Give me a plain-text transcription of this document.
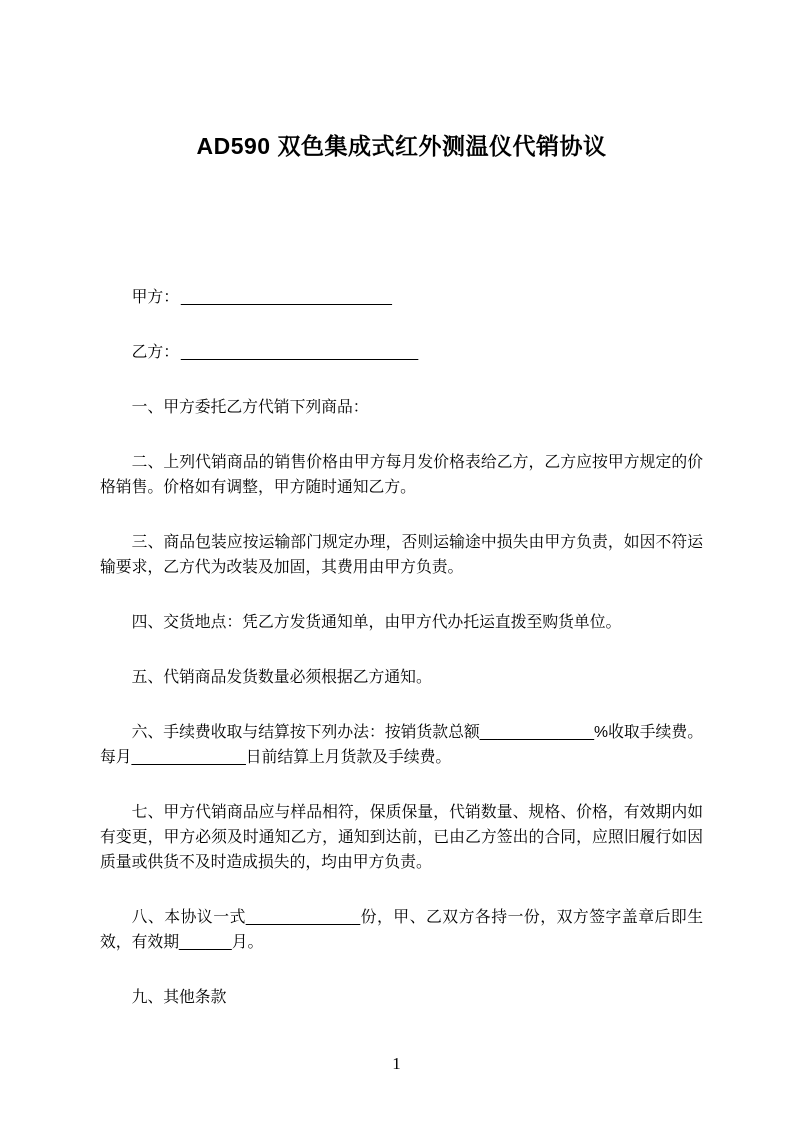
AD590 双色集成式红外测温仪代销协议

甲方： ________________________

乙方： ___________________________

一、甲方委托乙方代销下列商品：

二、上列代销商品的销售价格由甲方每月发价格表给乙方，乙方应按甲方规定的价格销售。价格如有调整，甲方随时通知乙方。

三、商品包装应按运输部门规定办理，否则运输途中损失由甲方负责，如因不符运输要求，乙方代为改装及加固，其费用由甲方负责。

四、交货地点：凭乙方发货通知单，由甲方代办托运直拨至购货单位。

五、代销商品发货数量必须根据乙方通知。

六、手续费收取与结算按下列办法：按销货款总额_____________%收取手续费。每月_____________日前结算上月货款及手续费。

七、甲方代销商品应与样品相符，保质保量，代销数量、规格、价格，有效期内如有变更，甲方必须及时通知乙方，通知到达前，已由乙方签出的合同，应照旧履行如因质量或供货不及时造成损失的，均由甲方负责。

八、本协议一式_____________份，甲、乙双方各持一份，双方签字盖章后即生效，有效期______月。

九、其他条款

1
